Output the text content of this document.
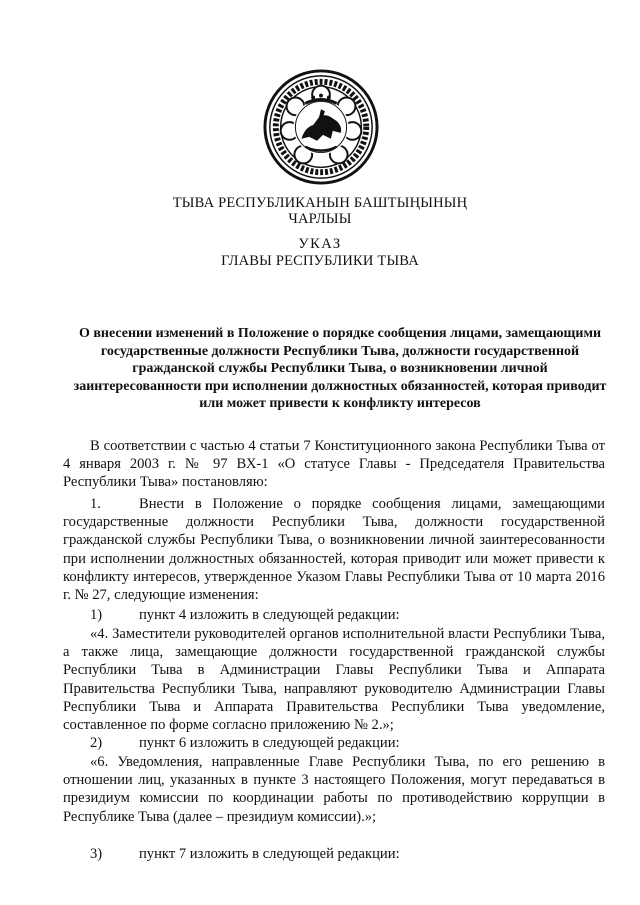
ТЫВА РЕСПУБЛИКАНЫН БАШТЫҢЫНЫҢ
ЧАРЛЫЫ
УКАЗ
ГЛАВЫ РЕСПУБЛИКИ ТЫВА
О внесении изменений в Положение о порядке сообщения лицами, замещающими государственные должности Республики Тыва, должности государственной гражданской службы Республики Тыва, о возникновении личной заинтересованности при исполнении должностных обязанностей, которая приводит или может привести к конфликту интересов

В соответствии с частью 4 статьи 7 Конституционного закона Республики Тыва от 4 января 2003 г. № 97 ВХ-1 «О статусе Главы - Председателя Правительства Республики Тыва» постановляю:

1.	Внести в Положение о порядке сообщения лицами, замещающими государственные должности Республики Тыва, должности государственной гражданской службы Республики Тыва, о возникновении личной заинтересованности при исполнении должностных обязанностей, которая приводит или может привести к конфликту интересов, утвержденное Указом Главы Республики Тыва от 10 марта 2016 г. № 27, следующие изменения:

1)	пункт 4 изложить в следующей редакции:

«4. Заместители руководителей органов исполнительной власти Республики Тыва, а также лица, замещающие должности государственной гражданской службы Республики Тыва в Администрации Главы Республики Тыва и Аппарата Правительства Республики Тыва, направляют руководителю Администрации Главы Республики Тыва и Аппарата Правительства Республики Тыва уведомление, составленное по форме согласно приложению № 2.»;

2)	пункт 6 изложить в следующей редакции:

«6. Уведомления, направленные Главе Республики Тыва, по его решению в отношении лиц, указанных в пункте 3 настоящего Положения, могут передаваться в президиум комиссии по координации работы по противодействию коррупции в Республике Тыва (далее – президиум комиссии).»;

3)	пункт 7 изложить в следующей редакции:
